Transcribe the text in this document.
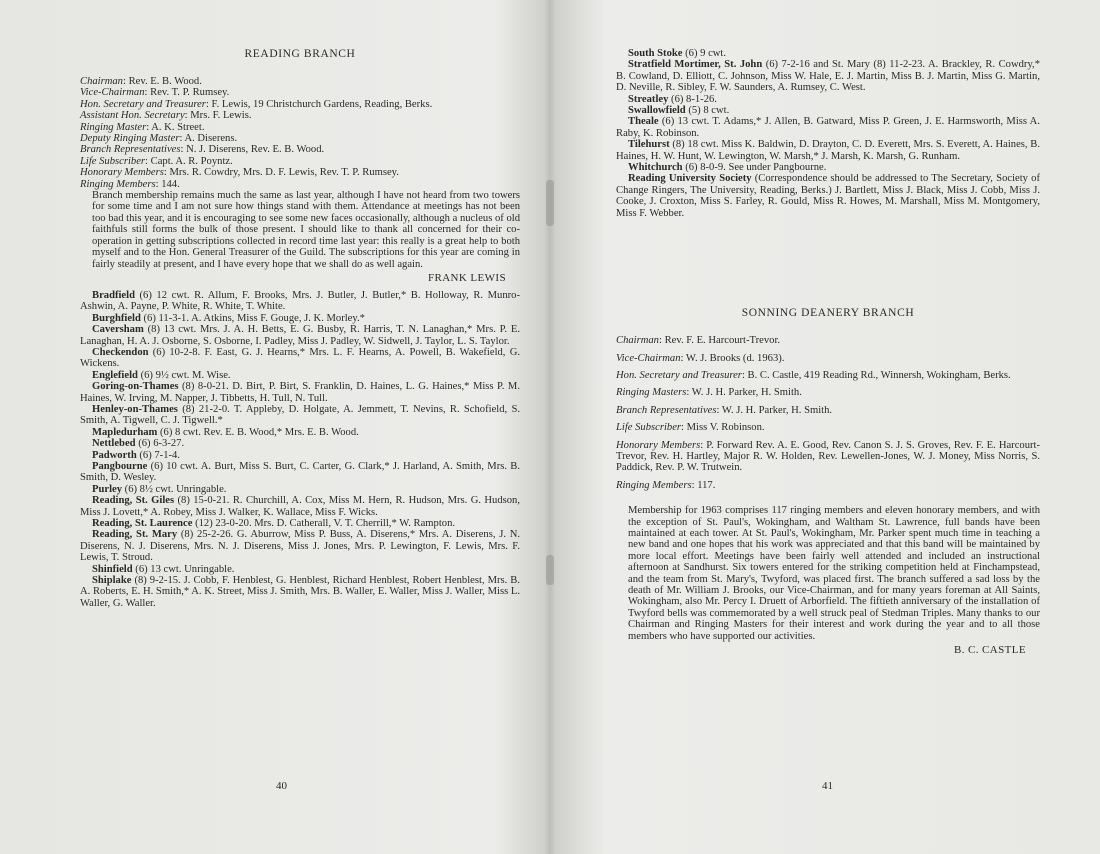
READING BRANCH

Chairman: Rev. E. B. Wood.

Vice-Chairman: Rev. T. P. Rumsey.

Hon. Secretary and Treasurer: F. Lewis, 19 Christchurch Gardens, Reading, Berks.

Assistant Hon. Secretary: Mrs. F. Lewis.

Ringing Master: A. K. Street.

Deputy Ringing Master: A. Diserens.

Branch Representatives: N. J. Diserens, Rev. E. B. Wood.

Life Subscriber: Capt. A. R. Poyntz.

Honorary Members: Mrs. R. Cowdry, Mrs. D. F. Lewis, Rev. T. P. Rumsey.

Ringing Members: 144.

Branch membership remains much the same as last year, although I have not heard from two towers for some time and I am not sure how things stand with them. Attendance at meetings has not been too bad this year, and it is encouraging to see some new faces occasionally, although a nucleus of old faithfuls still forms the bulk of those present. I should like to thank all concerned for their co-operation in getting subscriptions collected in record time last year: this really is a great help to both myself and to the Hon. General Treasurer of the Guild. The subscriptions for this year are coming in fairly steadily at present, and I have every hope that we shall do as well again.

FRANK LEWIS

Bradfield (6) 12 cwt. R. Allum, F. Brooks, Mrs. J. Butler, J. Butler,* B. Holloway, R. Munro-Ashwin, A. Payne, P. White, R. White, T. White.

Burghfield (6) 11-3-1. A. Atkins, Miss F. Gouge, J. K. Morley.*

Caversham (8) 13 cwt. Mrs. J. A. H. Betts, E. G. Busby, R. Harris, T. N. Lanaghan,* Mrs. P. E. Lanaghan, H. A. J. Osborne, S. Osborne, I. Padley, Miss J. Padley, W. Sidwell, J. Taylor, L. S. Taylor.

Checkendon (6) 10-2-8. F. East, G. J. Hearns,* Mrs. L. F. Hearns, A. Powell, B. Wakefield, G. Wickens.

Englefield (6) 9½ cwt. M. Wise.

Goring-on-Thames (8) 8-0-21. D. Birt, P. Birt, S. Franklin, D. Haines, L. G. Haines,* Miss P. M. Haines, W. Irving, M. Napper, J. Tibbetts, H. Tull, N. Tull.

Henley-on-Thames (8) 21-2-0. T. Appleby, D. Holgate, A. Jemmett, T. Nevins, R. Schofield, S. Smith, A. Tigwell, C. J. Tigwell.*

Mapledurham (6) 8 cwt. Rev. E. B. Wood,* Mrs. E. B. Wood.

Nettlebed (6) 6-3-27.

Padworth (6) 7-1-4.

Pangbourne (6) 10 cwt. A. Burt, Miss S. Burt, C. Carter, G. Clark,* J. Harland, A. Smith, Mrs. B. Smith, D. Wesley.

Purley (6) 8½ cwt. Unringable.

Reading, St. Giles (8) 15-0-21. R. Churchill, A. Cox, Miss M. Hern, R. Hudson, Mrs. G. Hudson, Miss J. Lovett,* A. Robey, Miss J. Walker, K. Wallace, Miss F. Wicks.

Reading, St. Laurence (12) 23-0-20. Mrs. D. Catherall, V. T. Cherrill,* W. Rampton.

Reading, St. Mary (8) 25-2-26. G. Aburrow, Miss P. Buss, A. Diserens,* Mrs. A. Diserens, J. N. Diserens, N. J. Diserens, Mrs. N. J. Diserens, Miss J. Jones, Mrs. P. Lewington, F. Lewis, Mrs. F. Lewis, T. Stroud.

Shinfield (6) 13 cwt. Unringable.

Shiplake (8) 9-2-15. J. Cobb, F. Henblest, G. Henblest, Richard Henblest, Robert Henblest, Mrs. B. A. Roberts, E. H. Smith,* A. K. Street, Miss J. Smith, Mrs. B. Waller, E. Waller, Miss J. Waller, Miss L. Waller, G. Waller.

40

South Stoke (6) 9 cwt.

Stratfield Mortimer, St. John (6) 7-2-16 and St. Mary (8) 11-2-23. A. Brackley, R. Cowdry,* B. Cowland, D. Elliott, C. Johnson, Miss W. Hale, E. J. Martin, Miss B. J. Martin, Miss G. Martin, D. Neville, R. Sibley, F. W. Saunders, A. Rumsey, C. West.

Streatley (6) 8-1-26.

Swallowfield (5) 8 cwt.

Theale (6) 13 cwt. T. Adams,* J. Allen, B. Gatward, Miss P. Green, J. E. Harmsworth, Miss A. Raby, K. Robinson.

Tilehurst (8) 18 cwt. Miss K. Baldwin, D. Drayton, C. D. Everett, Mrs. S. Everett, A. Haines, B. Haines, H. W. Hunt, W. Lewington, W. Marsh,* J. Marsh, K. Marsh, G. Runham.

Whitchurch (6) 8-0-9. See under Pangbourne.

Reading University Society (Correspondence should be addressed to The Secretary, Society of Change Ringers, The University, Reading, Berks.) J. Bartlett, Miss J. Black, Miss J. Cobb, Miss J. Cooke, J. Croxton, Miss S. Farley, R. Gould, Miss R. Howes, M. Marshall, Miss M. Montgomery, Miss F. Webber.

SONNING DEANERY BRANCH

Chairman: Rev. F. E. Harcourt-Trevor.

Vice-Chairman: W. J. Brooks (d. 1963).

Hon. Secretary and Treasurer: B. C. Castle, 419 Reading Rd., Winnersh, Wokingham, Berks.

Ringing Masters: W. J. H. Parker, H. Smith.

Branch Representatives: W. J. H. Parker, H. Smith.

Life Subscriber: Miss V. Robinson.

Honorary Members: P. Forward Rev. A. E. Good, Rev. Canon S. J. S. Groves, Rev. F. E. Harcourt-Trevor, Rev. H. Hartley, Major R. W. Holden, Rev. Lewellen-Jones, W. J. Money, Miss Norris, S. Paddick, Rev. P. W. Trutwein.

Ringing Members: 117.

Membership for 1963 comprises 117 ringing members and eleven honorary members, and with the exception of St. Paul's, Wokingham, and Waltham St. Lawrence, full bands have been maintained at each tower. At St. Paul's, Wokingham, Mr. Parker spent much time in teaching a new band and one hopes that his work was appreciated and that this band will be maintained by more local effort. Meetings have been fairly well attended and included an instructional afternoon at Sandhurst. Six towers entered for the striking competition held at Finchampstead, and the team from St. Mary's, Twyford, was placed first. The branch suffered a sad loss by the death of Mr. William J. Brooks, our Vice-Chairman, and for many years foreman at All Saints, Wokingham, also Mr. Percy I. Druett of Arborfield. The fiftieth anniversary of the installation of Twyford bells was commemorated by a well struck peal of Stedman Triples. Many thanks to our Chairman and Ringing Masters for their interest and work during the year and to all those members who have supported our activities.

B. C. CASTLE

41
